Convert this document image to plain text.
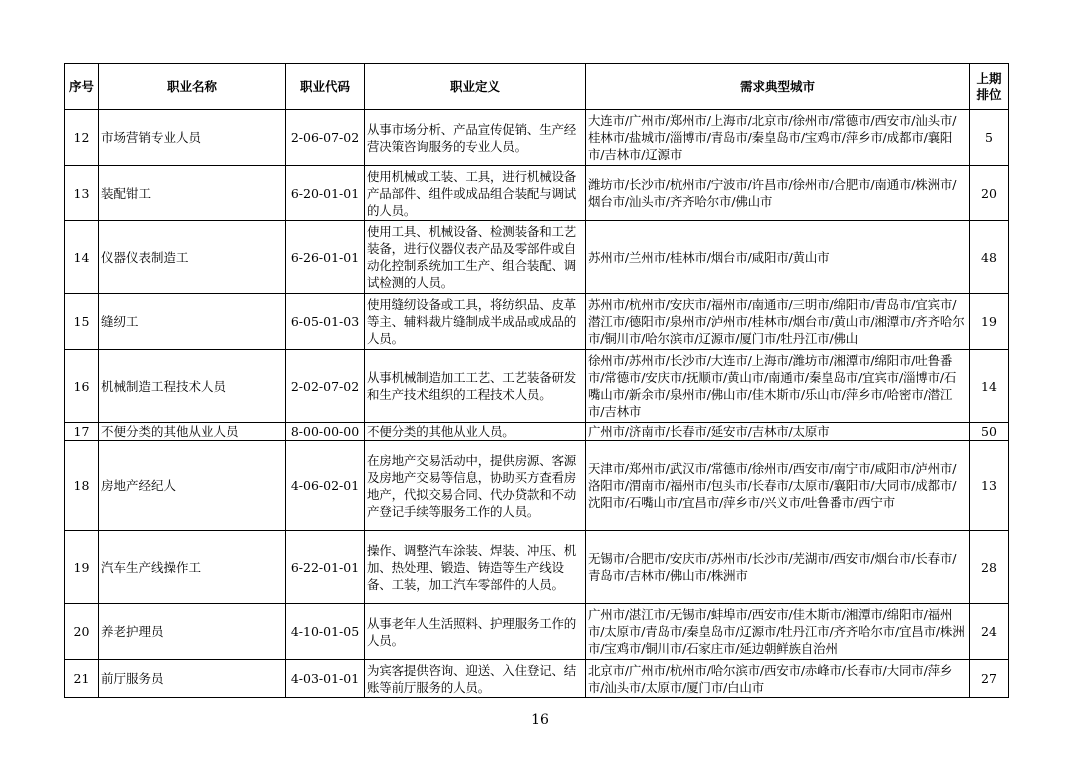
序号	职业名称	职业代码	职业定义	需求典型城市	上期排位
12	市场营销专业人员	2-06-07-02	从事市场分析、产品宣传促销、生产经营决策咨询服务的专业人员。	大连市/广州市/郑州市/上海市/北京市/徐州市/常德市/西安市/汕头市/桂林市/盐城市/淄博市/青岛市/秦皇岛市/宝鸡市/萍乡市/成都市/襄阳市/吉林市/辽源市	5
13	装配钳工	6-20-01-01	使用机械或工装、工具，进行机械设备产品部件、组件或成品组合装配与调试的人员。	潍坊市/长沙市/杭州市/宁波市/许昌市/徐州市/合肥市/南通市/株洲市/烟台市/汕头市/齐齐哈尔市/佛山市	20
14	仪器仪表制造工	6-26-01-01	使用工具、机械设备、检测装备和工艺装备，进行仪器仪表产品及零部件或自动化控制系统加工生产、组合装配、调试检测的人员。	苏州市/兰州市/桂林市/烟台市/咸阳市/黄山市	48
15	缝纫工	6-05-01-03	使用缝纫设备或工具，将纺织品、皮革等主、辅料裁片缝制成半成品或成品的人员。	苏州市/杭州市/安庆市/福州市/南通市/三明市/绵阳市/青岛市/宜宾市/潜江市/德阳市/泉州市/泸州市/桂林市/烟台市/黄山市/湘潭市/齐齐哈尔市/铜川市/哈尔滨市/辽源市/厦门市/牡丹江市/佛山	19
16	机械制造工程技术人员	2-02-07-02	从事机械制造加工工艺、工艺装备研发和生产技术组织的工程技术人员。	徐州市/苏州市/长沙市/大连市/上海市/潍坊市/湘潭市/绵阳市/吐鲁番市/常德市/安庆市/抚顺市/黄山市/南通市/秦皇岛市/宜宾市/淄博市/石嘴山市/新余市/泉州市/佛山市/佳木斯市/乐山市/萍乡市/哈密市/潜江市/吉林市	14
17	不便分类的其他从业人员	8-00-00-00	不便分类的其他从业人员。	广州市/济南市/长春市/延安市/吉林市/太原市	50
18	房地产经纪人	4-06-02-01	在房地产交易活动中，提供房源、客源及房地产交易等信息，协助买方查看房地产，代拟交易合同、代办贷款和不动产登记手续等服务工作的人员。	天津市/郑州市/武汉市/常德市/徐州市/西安市/南宁市/咸阳市/泸州市/洛阳市/渭南市/福州市/包头市/长春市/太原市/襄阳市/大同市/成都市/沈阳市/石嘴山市/宜昌市/萍乡市/兴义市/吐鲁番市/西宁市	13
19	汽车生产线操作工	6-22-01-01	操作、调整汽车涂装、焊装、冲压、机加、热处理、锻造、铸造等生产线设备、工装，加工汽车零部件的人员。	无锡市/合肥市/安庆市/苏州市/长沙市/芜湖市/西安市/烟台市/长春市/青岛市/吉林市/佛山市/株洲市	28
20	养老护理员	4-10-01-05	从事老年人生活照料、护理服务工作的人员。	广州市/湛江市/无锡市/蚌埠市/西安市/佳木斯市/湘潭市/绵阳市/福州市/太原市/青岛市/秦皇岛市/辽源市/牡丹江市/齐齐哈尔市/宜昌市/株洲市/宝鸡市/铜川市/石家庄市/延边朝鲜族自治州	24
21	前厅服务员	4-03-01-01	为宾客提供咨询、迎送、入住登记、结账等前厅服务的人员。	北京市/广州市/杭州市/哈尔滨市/西安市/赤峰市/长春市/大同市/萍乡市/汕头市/太原市/厦门市/白山市	27
16
